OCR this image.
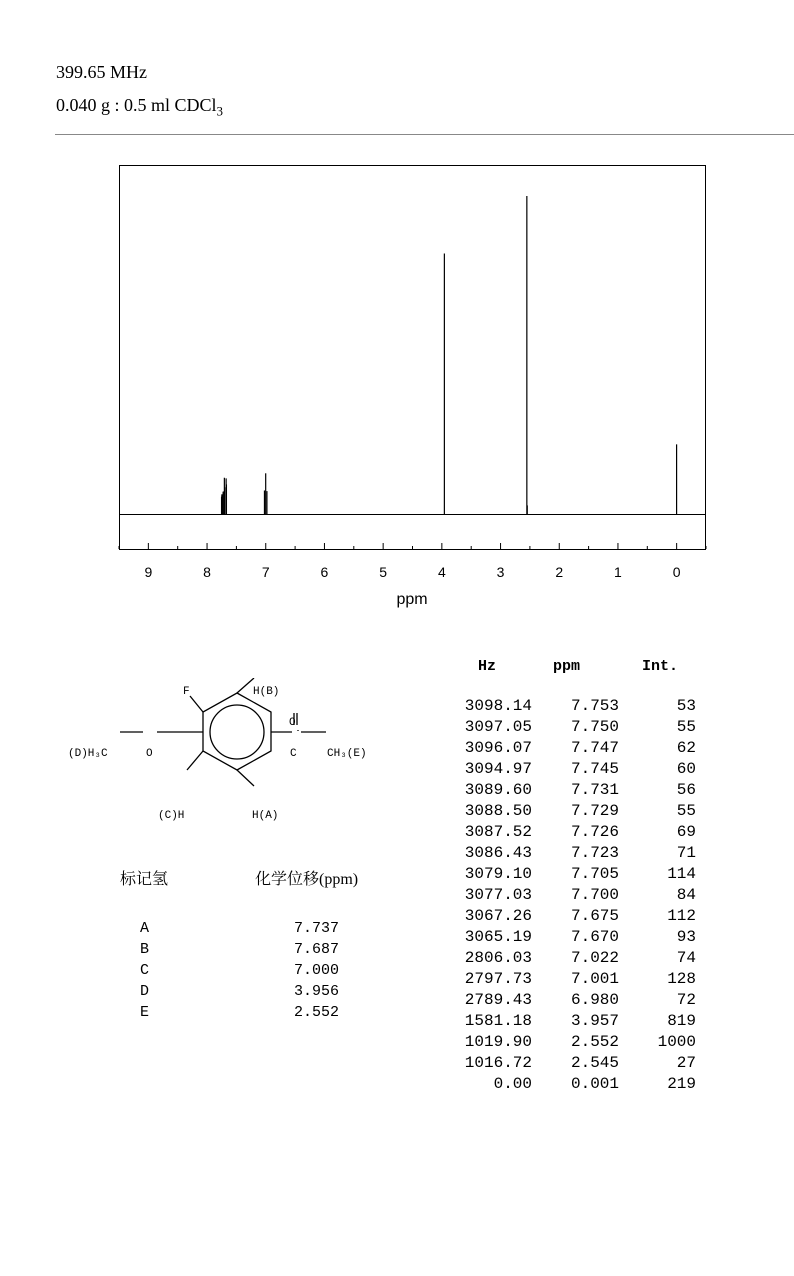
399.65 MHz
0.040 g : 0.5 ml CDCl$_3$
9	8	7	6	5	4	3	2	1	0
ppm
F	H(B)
O
C	CH₃(E)
O
(D)H₃C
(C)H	H(A)
标记氢	化学位移(ppm)
A	7.737
B	7.687
C	7.000
D	3.956
E	2.552
Hz	ppm	Int.
3098.14 7.753	53
3097.05 7.750	55
3096.07 7.747	62
3094.97 7.745	60
3089.60 7.731	56
3088.50 7.729	55
3087.52 7.726	69
3086.43 7.723	71
3079.10 7.705	114
3077.03 7.700	84
3067.26 7.675	112
3065.19 7.670	93
2806.03 7.022	74
2797.73 7.001	128
2789.43 6.980	72
1581.18 3.957	819
1019.90 2.552 1000
1016.72 2.545	27
0.00 0.001	219
